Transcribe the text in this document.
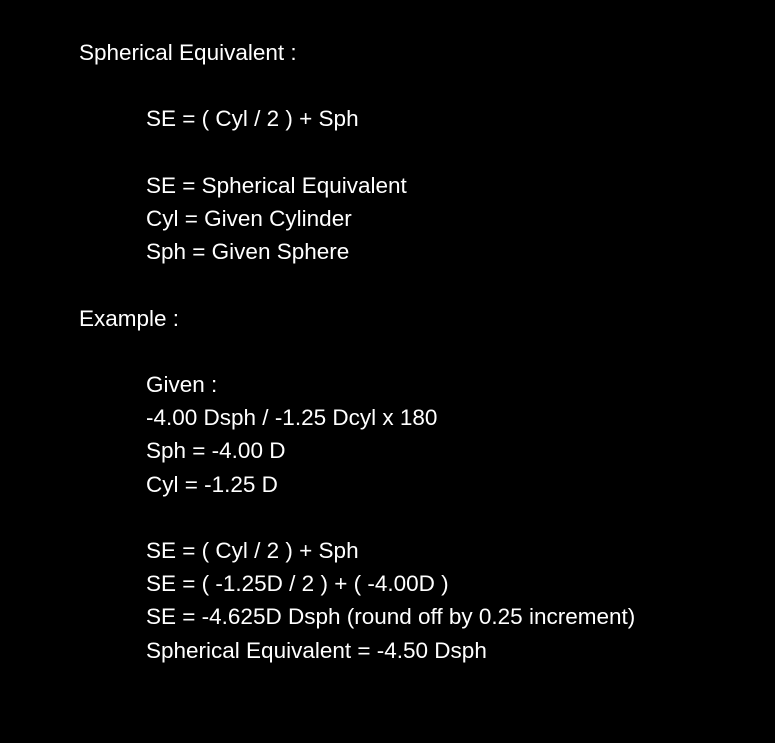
Spherical Equivalent :
SE = ( Cyl / 2 ) + Sph
SE = Spherical Equivalent
Cyl = Given Cylinder
Sph = Given Sphere
Example :
Given :
-4.00 Dsph / -1.25 Dcyl x 180
Sph = -4.00 D
Cyl = -1.25 D
SE = ( Cyl / 2 ) + Sph
SE = ( -1.25D / 2 ) + ( -4.00D )
SE = -4.625D Dsph (round off by 0.25 increment)
Spherical Equivalent = -4.50 Dsph
